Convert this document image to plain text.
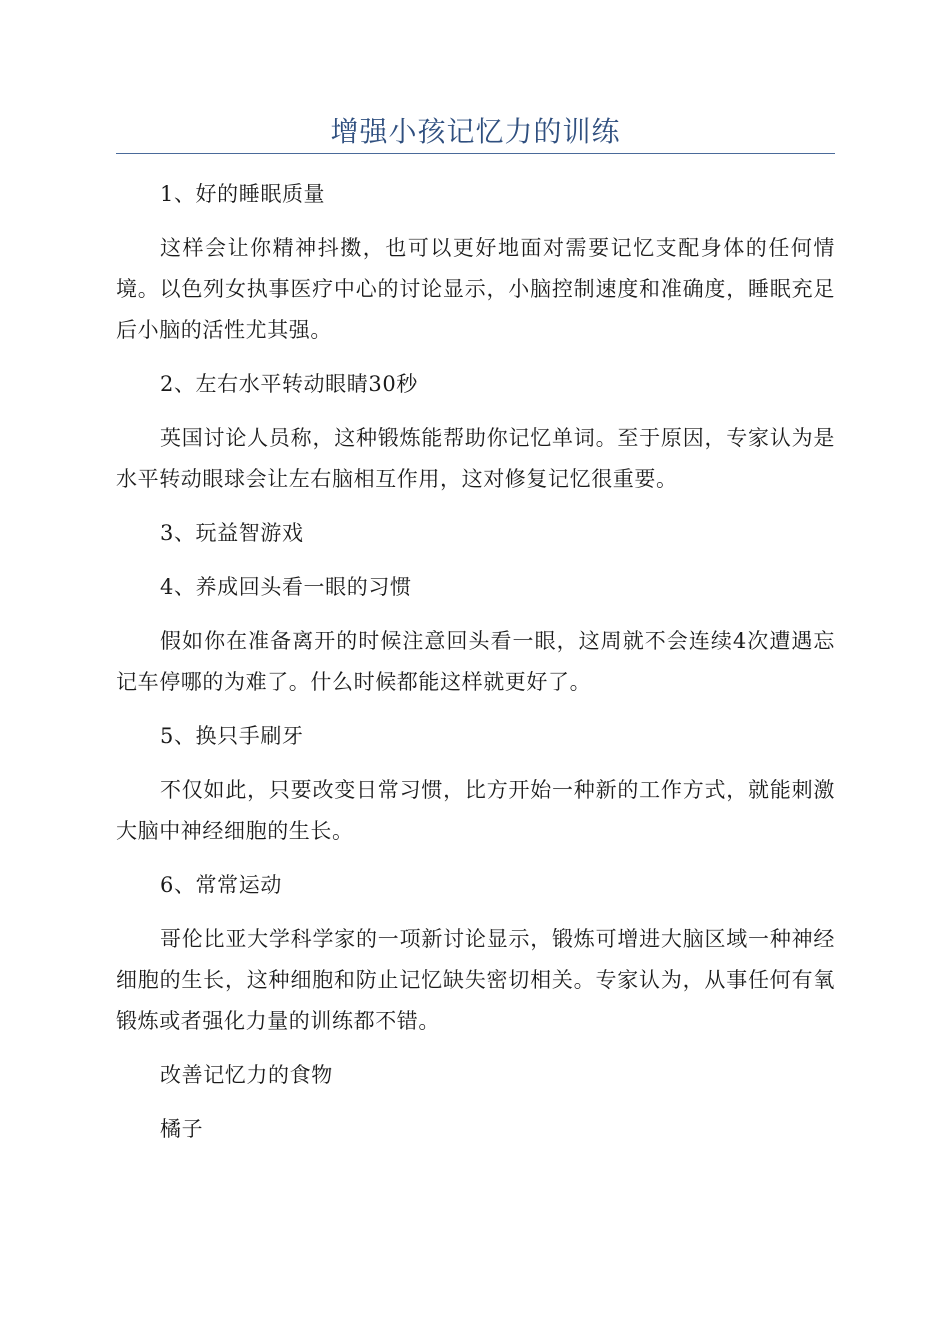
增强小孩记忆力的训练

1、好的睡眠质量

这样会让你精神抖擞，也可以更好地面对需要记忆支配身体的任何情境。以色列女执事医疗中心的讨论显示，小脑控制速度和准确度，睡眠充足后小脑的活性尤其强。

2、左右水平转动眼睛30秒

英国讨论人员称，这种锻炼能帮助你记忆单词。至于原因，专家认为是水平转动眼球会让左右脑相互作用，这对修复记忆很重要。

3、玩益智游戏

4、养成回头看一眼的习惯

假如你在准备离开的时候注意回头看一眼，这周就不会连续4次遭遇忘记车停哪的为难了。什么时候都能这样就更好了。

5、换只手刷牙

不仅如此，只要改变日常习惯，比方开始一种新的工作方式，就能刺激大脑中神经细胞的生长。

6、常常运动

哥伦比亚大学科学家的一项新讨论显示，锻炼可增进大脑区域一种神经细胞的生长，这种细胞和防止记忆缺失密切相关。专家认为，从事任何有氧锻炼或者强化力量的训练都不错。

改善记忆力的食物

橘子
